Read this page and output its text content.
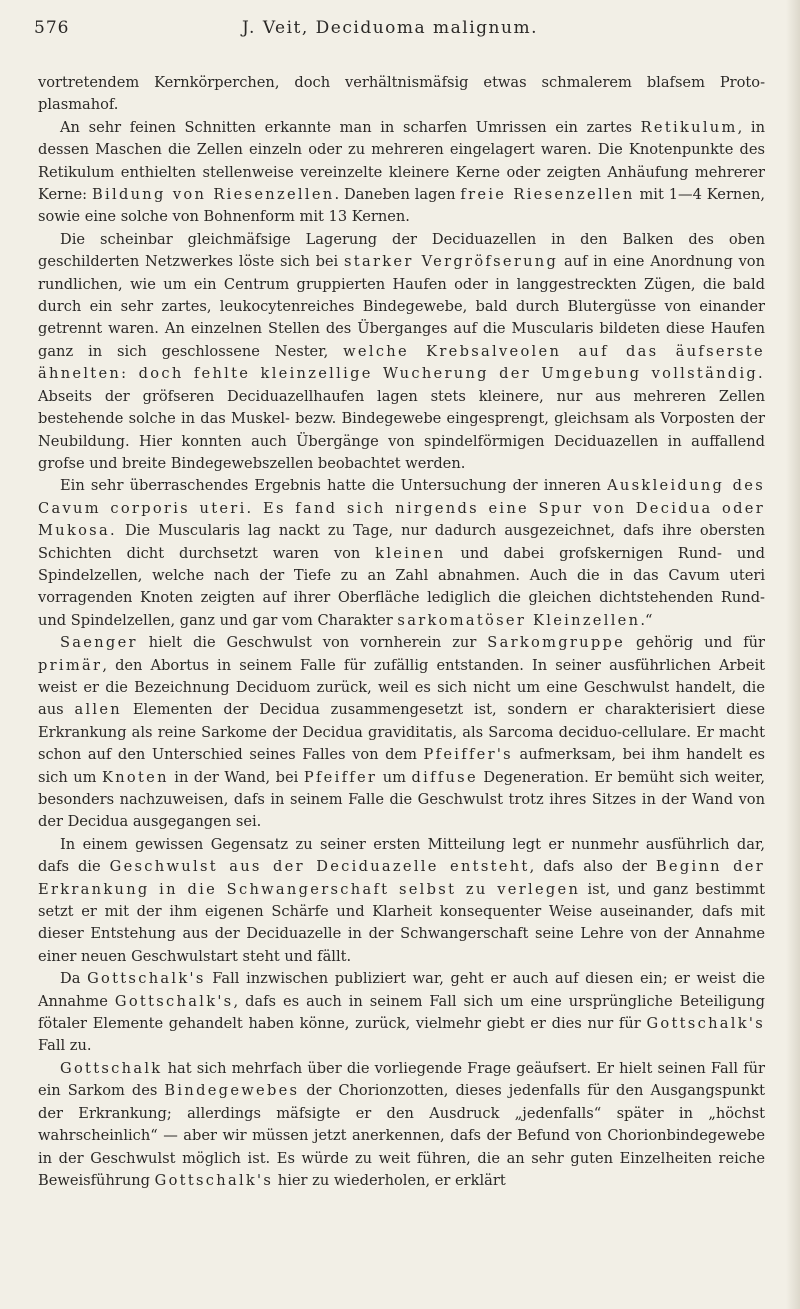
576	J. Veit, Deciduoma malignum.

vortretendem Kernkörperchen, doch verhältnismäfsig etwas schmalerem blafsem Proto-plasmahof.

An sehr feinen Schnitten erkannte man in scharfen Umrissen ein zartes Retikulum, in dessen Maschen die Zellen einzeln oder zu mehreren eingelagert waren. Die Knotenpunkte des Retikulum enthielten stellenweise vereinzelte kleinere Kerne oder zeigten Anhäufung mehrerer Kerne: Bildung von Riesenzellen. Daneben lagen freie Riesenzellen mit 1—4 Kernen, sowie eine solche von Bohnenform mit 13 Kernen.

Die scheinbar gleichmäfsige Lagerung der Deciduazellen in den Balken des oben geschilderten Netzwerkes löste sich bei starker Vergröfserung auf in eine Anordnung von rundlichen, wie um ein Centrum gruppierten Haufen oder in langgestreckten Zügen, die bald durch ein sehr zartes, leukocytenreiches Bindegewebe, bald durch Blutergüsse von einander getrennt waren. An einzelnen Stellen des Überganges auf die Muscularis bildeten diese Haufen ganz in sich geschlossene Nester, welche Krebsalveolen auf das äufserste ähnelten: doch fehlte kleinzellige Wucherung der Umgebung vollständig. Abseits der gröfseren Deciduazellhaufen lagen stets kleinere, nur aus mehreren Zellen bestehende solche in das Muskel- bezw. Bindegewebe eingesprengt, gleichsam als Vorposten der Neubildung. Hier konnten auch Übergänge von spindelförmigen Deciduazellen in auffallend grofse und breite Bindegewebszellen beobachtet werden.

Ein sehr überraschendes Ergebnis hatte die Untersuchung der inneren Auskleidung des Cavum corporis uteri. Es fand sich nirgends eine Spur von Decidua oder Mukosa. Die Muscularis lag nackt zu Tage, nur dadurch ausgezeichnet, dafs ihre obersten Schichten dicht durchsetzt waren von kleinen und dabei grofskernigen Rund- und Spindelzellen, welche nach der Tiefe zu an Zahl abnahmen. Auch die in das Cavum uteri vorragenden Knoten zeigten auf ihrer Oberfläche lediglich die gleichen dichtstehenden Rund- und Spindelzellen, ganz und gar vom Charakter sarkomatöser Kleinzellen.“

Saenger hielt die Geschwulst von vornherein zur Sarkomgruppe gehörig und für primär, den Abortus in seinem Falle für zufällig entstanden. In seiner ausführlichen Arbeit weist er die Bezeichnung Deciduom zurück, weil es sich nicht um eine Geschwulst handelt, die aus allen Elementen der Decidua zusammengesetzt ist, sondern er charakterisiert diese Erkrankung als reine Sarkome der Decidua graviditatis, als Sarcoma deciduo-cellulare. Er macht schon auf den Unterschied seines Falles von dem Pfeiffer's aufmerksam, bei ihm handelt es sich um Knoten in der Wand, bei Pfeiffer um diffuse Degeneration. Er bemüht sich weiter, besonders nachzuweisen, dafs in seinem Falle die Geschwulst trotz ihres Sitzes in der Wand von der Decidua ausgegangen sei.

In einem gewissen Gegensatz zu seiner ersten Mitteilung legt er nunmehr ausführlich dar, dafs die Geschwulst aus der Deciduazelle entsteht, dafs also der Beginn der Erkrankung in die Schwangerschaft selbst zu verlegen ist, und ganz bestimmt setzt er mit der ihm eigenen Schärfe und Klarheit konsequenter Weise auseinander, dafs mit dieser Entstehung aus der Deciduazelle in der Schwangerschaft seine Lehre von der Annahme einer neuen Geschwulstart steht und fällt.

Da Gottschalk's Fall inzwischen publiziert war, geht er auch auf diesen ein; er weist die Annahme Gottschalk's, dafs es auch in seinem Fall sich um eine ursprüngliche Beteiligung fötaler Elemente gehandelt haben könne, zurück, vielmehr giebt er dies nur für Gottschalk's Fall zu.

Gottschalk hat sich mehrfach über die vorliegende Frage geäufsert. Er hielt seinen Fall für ein Sarkom des Bindegewebes der Chorionzotten, dieses jedenfalls für den Ausgangspunkt der Erkrankung; allerdings mäfsigte er den Ausdruck „jedenfalls“ später in „höchst wahrscheinlich“ — aber wir müssen jetzt anerkennen, dafs der Befund von Chorionbindegewebe in der Geschwulst möglich ist. Es würde zu weit führen, die an sehr guten Einzelheiten reiche Beweisführung Gottschalk's hier zu wiederholen, er erklärt
